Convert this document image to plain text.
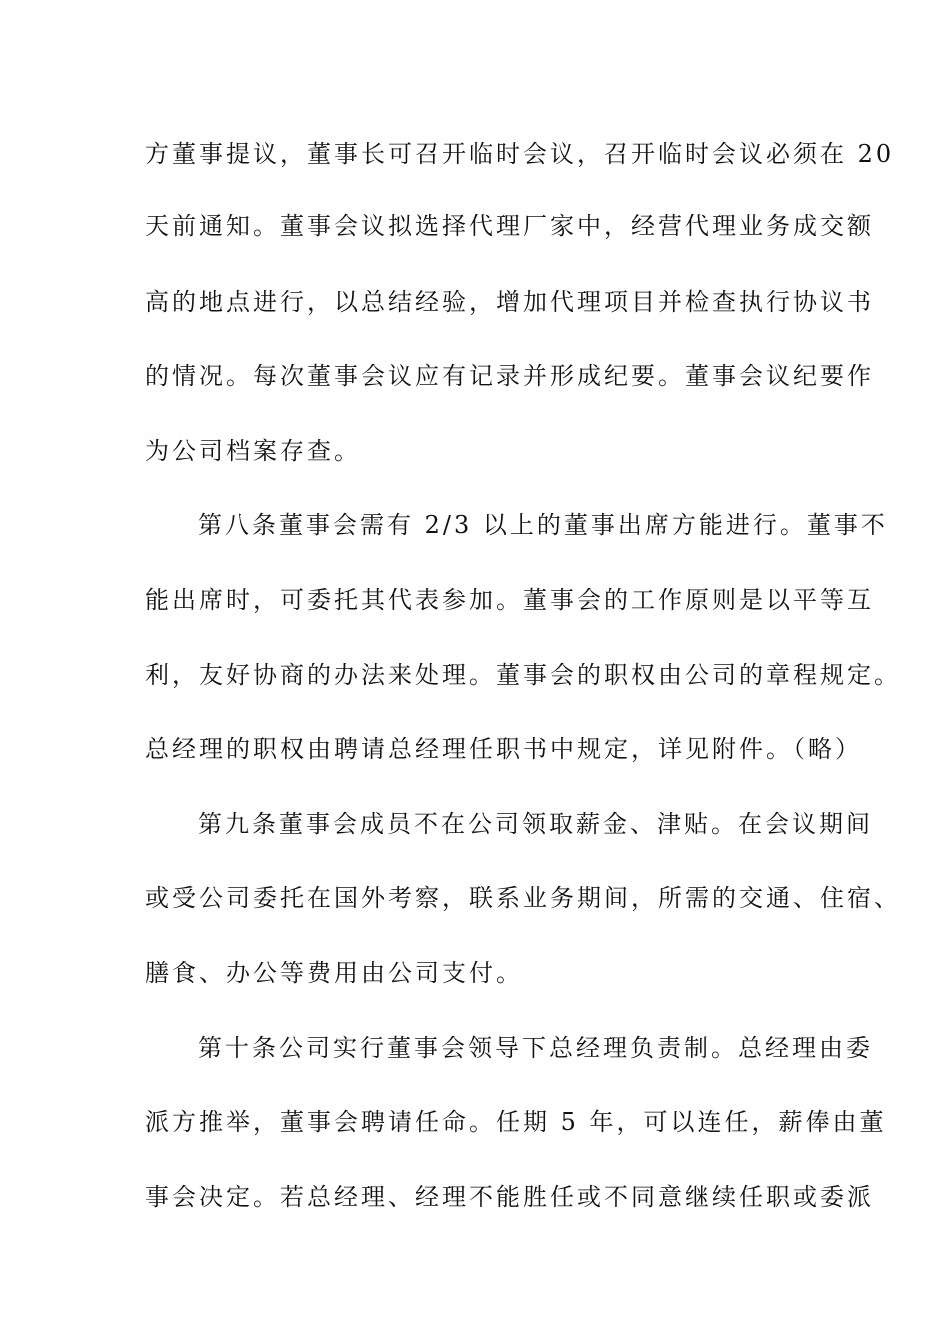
方董事提议，董事长可召开临时会议，召开临时会议必须在 20
天前通知。董事会议拟选择代理厂家中，经营代理业务成交额
高的地点进行，以总结经验，增加代理项目并检查执行协议书
的情况。每次董事会议应有记录并形成纪要。董事会议纪要作
为公司档案存查。
第八条董事会需有 2/3 以上的董事出席方能进行。董事不
能出席时，可委托其代表参加。董事会的工作原则是以平等互
利，友好协商的办法来处理。董事会的职权由公司的章程规定。
总经理的职权由聘请总经理任职书中规定，详见附件。（略）
第九条董事会成员不在公司领取薪金、津贴。在会议期间
或受公司委托在国外考察，联系业务期间，所需的交通、住宿、
膳食、办公等费用由公司支付。
第十条公司实行董事会领导下总经理负责制。总经理由委
派方推举，董事会聘请任命。任期 5 年，可以连任，薪俸由董
事会决定。若总经理、经理不能胜任或不同意继续任职或委派
